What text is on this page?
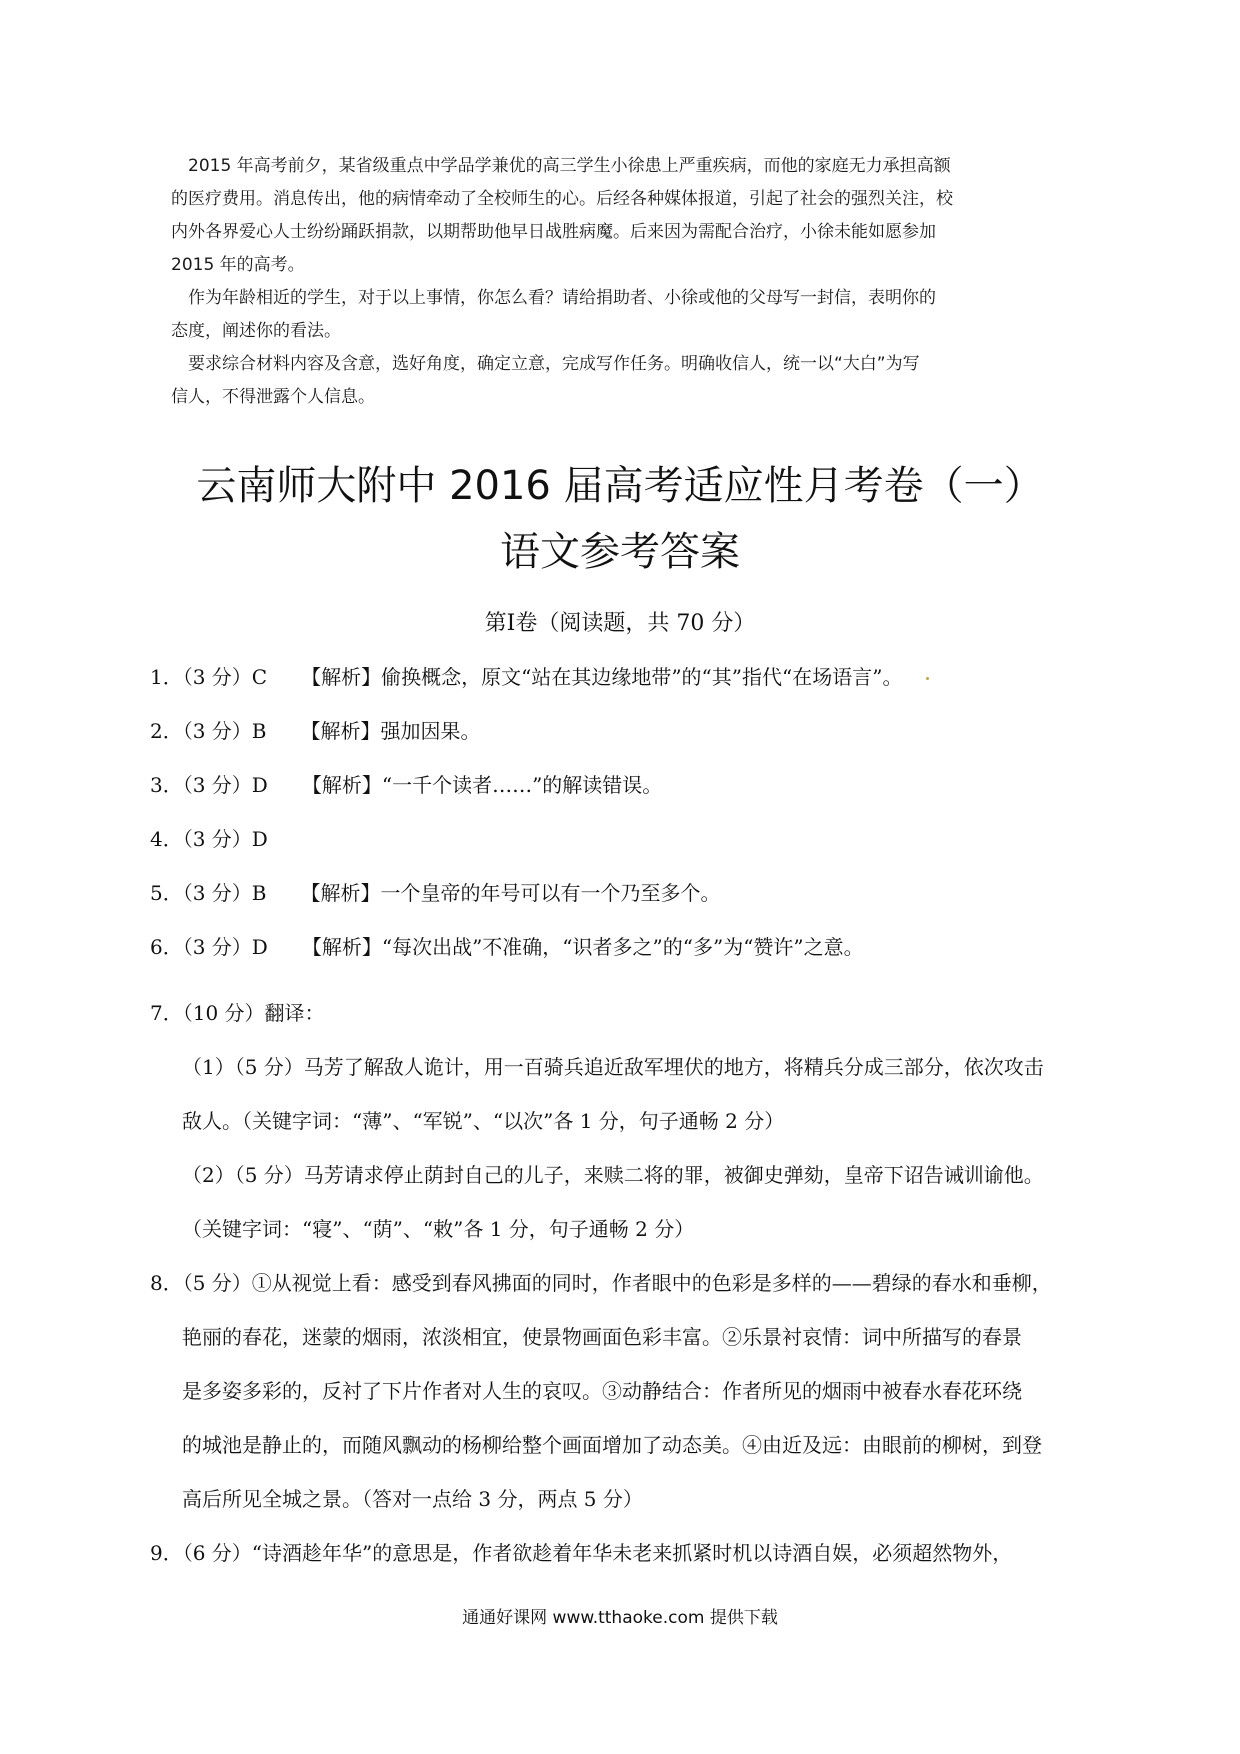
2015 年高考前夕，某省级重点中学品学兼优的高三学生小徐患上严重疾病，而他的家庭无力承担高额

的医疗费用。消息传出，他的病情牵动了全校师生的心。后经各种媒体报道，引起了社会的强烈关注，校

内外各界爱心人士纷纷踊跃捐款，以期帮助他早日战胜病魔。后来因为需配合治疗，小徐未能如愿参加

2015 年的高考。

作为年龄相近的学生，对于以上事情，你怎么看？请给捐助者、小徐或他的父母写一封信，表明你的

态度，阐述你的看法。

要求综合材料内容及含意，选好角度，确定立意，完成写作任务。明确收信人，统一以“大白”为写

信人，不得泄露个人信息。

云南师大附中 2016 届高考适应性月考卷（一）
语文参考答案
第Ⅰ卷（阅读题，共 70 分）
1．（3 分）C 【解析】偷换概念，原文“站在其边缘地带”的“其”指代“在场语言”。
2．（3 分）B 【解析】强加因果。
3．（3 分）D 【解析】“一千个读者……”的解读错误。
4．（3 分）D
5．（3 分）B 【解析】一个皇帝的年号可以有一个乃至多个。
6．（3 分）D 【解析】“每次出战”不准确，“识者多之”的“多”为“赞许”之意。
7．（10 分）翻译：
（1）（5 分）马芳了解敌人诡计，用一百骑兵追近敌军埋伏的地方，将精兵分成三部分，依次攻击
敌人。（关键字词：“薄”、“军锐”、“以次”各 1 分，句子通畅 2 分）
（2）（5 分）马芳请求停止荫封自己的儿子，来赎二将的罪，被御史弹劾，皇帝下诏告诫训谕他。
（关键字词：“寝”、“荫”、“敕”各 1 分，句子通畅 2 分）
8．（5 分）①从视觉上看：感受到春风拂面的同时，作者眼中的色彩是多样的——碧绿的春水和垂柳，
艳丽的春花，迷蒙的烟雨，浓淡相宜，使景物画面色彩丰富。②乐景衬哀情：词中所描写的春景
是多姿多彩的，反衬了下片作者对人生的哀叹。③动静结合：作者所见的烟雨中被春水春花环绕
的城池是静止的，而随风飘动的杨柳给整个画面增加了动态美。④由近及远：由眼前的柳树，到登
高后所见全城之景。（答对一点给 3 分，两点 5 分）
9．（6 分）“诗酒趁年华”的意思是，作者欲趁着年华未老来抓紧时机以诗酒自娱，必须超然物外，
通通好课网 www.tthaoke.com 提供下载
